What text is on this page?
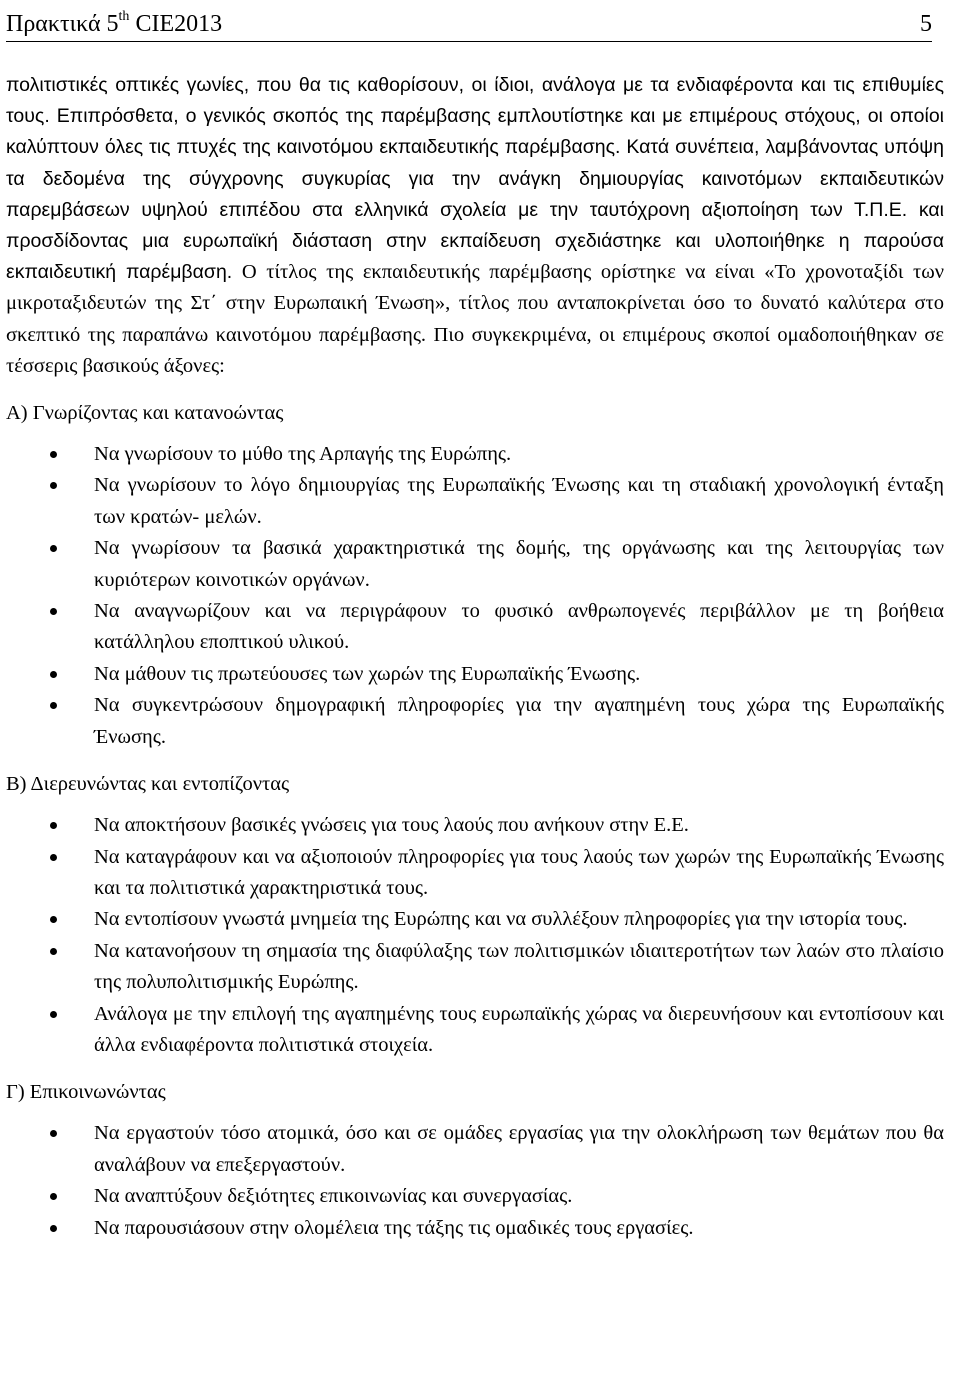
Πρακτικά 5th CIE2013	5

πολιτιστικές οπτικές γωνίες, που θα τις καθορίσουν, οι ίδιοι, ανάλογα με τα ενδιαφέροντα και τις επιθυμίες τους. Επιπρόσθετα, ο γενικός σκοπός της παρέμβασης εμπλουτίστηκε και με επιμέρους στόχους, οι οποίοι καλύπτουν όλες τις πτυχές της καινοτόμου εκπαιδευτικής παρέμβασης. Κατά συνέπεια, λαμβάνοντας υπόψη τα δεδομένα της σύγχρονης συγκυρίας για την ανάγκη δημιουργίας καινοτόμων εκπαιδευτικών παρεμβάσεων υψηλού επιπέδου στα ελληνικά σχολεία με την ταυτόχρονη αξιοποίηση των Τ.Π.Ε. και προσδίδοντας μια ευρωπαϊκή διάσταση στην εκπαίδευση σχεδιάστηκε και υλοποιήθηκε η παρούσα εκπαιδευτική παρέμβαση. Ο τίτλος της εκπαιδευτικής παρέμβασης ορίστηκε να είναι «Το χρονοταξίδι των μικροταξιδευτών της Στ΄ στην Ευρωπαική Ένωση», τίτλος που ανταποκρίνεται όσο το δυνατό καλύτερα στο σκεπτικό της παραπάνω καινοτόμου παρέμβασης. Πιο συγκεκριμένα, οι επιμέρους σκοποί ομαδοποιήθηκαν σε τέσσερις βασικούς άξονες:

Α) Γνωρίζοντας και κατανοώντας
Να γνωρίσουν το μύθο της Αρπαγής της Ευρώπης.
Να γνωρίσουν το λόγο δημιουργίας της Ευρωπαϊκής Ένωσης και τη σταδιακή χρονολογική ένταξη των κρατών- μελών.
Να γνωρίσουν τα βασικά χαρακτηριστικά της δομής, της οργάνωσης και της λειτουργίας των κυριότερων κοινοτικών οργάνων.
Να αναγνωρίζουν και να περιγράφουν το φυσικό ανθρωπογενές περιβάλλον με τη βοήθεια κατάλληλου εποπτικού υλικού.
Να μάθουν τις πρωτεύουσες των χωρών της Ευρωπαϊκής Ένωσης.
Να συγκεντρώσουν δημογραφική πληροφορίες για την αγαπημένη τους χώρα της Ευρωπαϊκής Ένωσης.
Β) Διερευνώντας και εντοπίζοντας
Να αποκτήσουν βασικές γνώσεις για τους λαούς που ανήκουν στην Ε.Ε.
Να καταγράφουν και να αξιοποιούν πληροφορίες για τους λαούς των χωρών της Ευρωπαϊκής Ένωσης και τα πολιτιστικά χαρακτηριστικά τους.
Να εντοπίσουν γνωστά μνημεία της Ευρώπης και να συλλέξουν πληροφορίες για την ιστορία τους.
Να κατανοήσουν τη σημασία της διαφύλαξης των πολιτισμικών ιδιαιτεροτήτων των λαών στο πλαίσιο της πολυπολιτισμικής Ευρώπης.
Ανάλογα με την επιλογή της αγαπημένης τους ευρωπαϊκής χώρας να διερευνήσουν και εντοπίσουν και άλλα ενδιαφέροντα πολιτιστικά στοιχεία.
Γ) Επικοινωνώντας
Να εργαστούν τόσο ατομικά, όσο και σε ομάδες εργασίας για την ολοκλήρωση των θεμάτων που θα αναλάβουν να επεξεργαστούν.
Να αναπτύξουν δεξιότητες επικοινωνίας και συνεργασίας.
Να παρουσιάσουν στην ολομέλεια της τάξης τις ομαδικές τους εργασίες.
